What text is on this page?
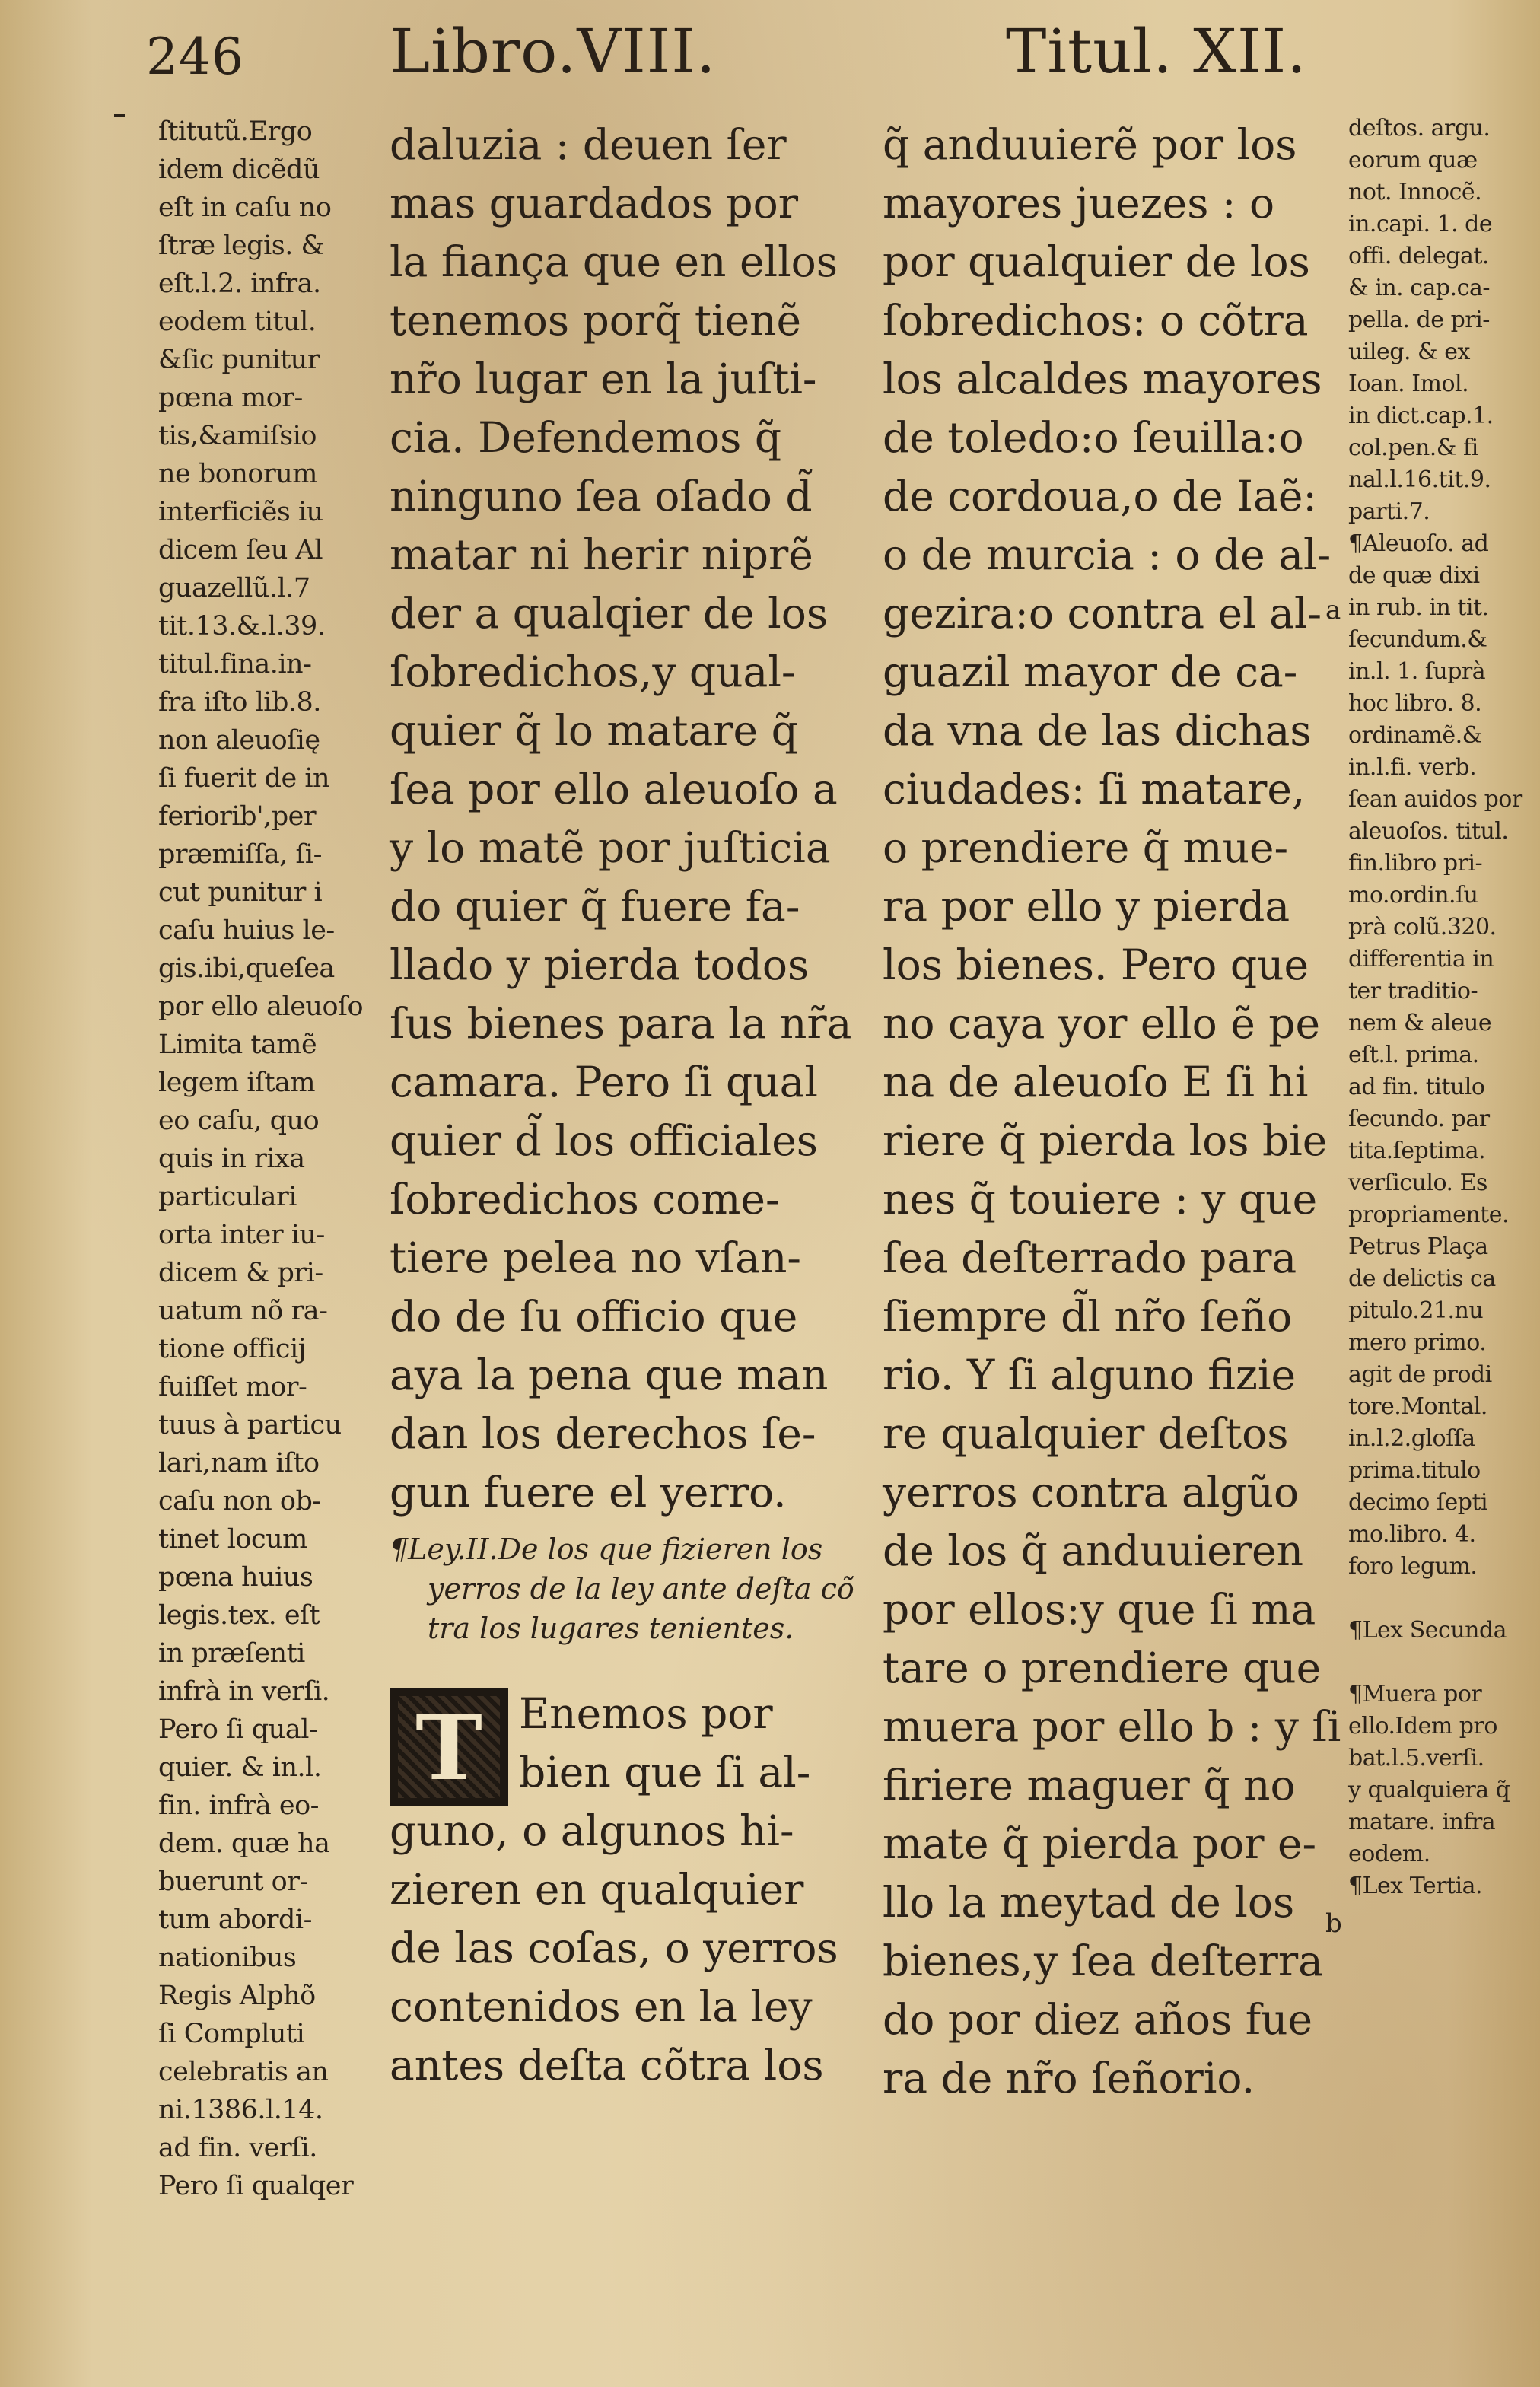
246 Libro.VIII.	Titul. XII.
ſtitutũ.Ergo
idem dicẽdũ
eſt in caſu no
ſtræ legis. &
eſt.l.2. infra.
eodem titul.
&ſic punitur
pœna mor-
tis,&amiſsio
ne bonorum
interficiẽs iu
dicem ſeu Al
guazellũ.l.7
tit.13.&.l.39.
titul.fina.in-
fra iſto lib.8.
non aleuoſię
ſi fuerit de in
feriorib',per
præmiſſa, ſi-
cut punitur i
caſu huius le-
gis.ibi,queſea
por ello aleuoſo
Limita tamẽ
legem iſtam
eo caſu, quo
quis in rixa
particulari
orta inter iu-
dicem & pri-
uatum nõ ra-
tione officij
fuiſſet mor-
tuus à particu
lari,nam iſto
caſu non ob-
tinet locum
pœna huius
legis.tex. eſt
in præſenti
infrà in verſi.
Pero ſi qual-
quier. & in.l.
fin. infrà eo-
dem. quæ ha
buerunt or-
tum abordi-
nationibus
Regis Alphõ
ſi Compluti
celebratis an
ni.1386.l.14.
ad fin. verſi.
Pero ſi qualqer
daluzia : deuen ſer
mas guardados por
la fiança que en ellos
tenemos porq̃ tienẽ
nr̃o lugar en la juſti-
cia. Defendemos q̃
ninguno ſea oſado d̃
matar ni herir niprẽ
der a qualqier de los
ſobredichos,y qual-
quier q̃ lo matare q̃
ſea por ello aleuoſo a
y lo matẽ por juſticia
do quier q̃ fuere fa-
llado y pierda todos
ſus bienes para la nr̃a
camara. Pero ſi qual
quier d̃ los officiales
ſobredichos come-
tiere pelea no vſan-
do de ſu officio que
aya la pena que man
dan los derechos ſe-
gun fuere el yerro.
¶Ley.II.De los que fizieren los
yerros de la ley ante deſta cõ
tra los lugares tenientes.
T Enemos por
bien que ſi al-
guno, o algunos hi-
zieren en qualquier
de las coſas, o yerros
contenidos en la ley
antes deſta cõtra los
q̃ anduuierẽ por los
mayores juezes : o
por qualquier de los
ſobredichos: o cõtra
los alcaldes mayores
de toledo:o ſeuilla:o
de cordoua,o de Iaẽ:
o de murcia : o de al-
gezira:o contra el al-
guazil mayor de ca-
da vna de las dichas
ciudades: ſi matare,
o prendiere q̃ mue-
ra por ello y pierda
los bienes. Pero que
no caya yor ello ẽ pe
na de aleuoſo E ſi hi
riere q̃ pierda los bie
nes q̃ touiere : y que
ſea deſterrado para
ſiempre d̃l nr̃o ſeño
rio. Y ſi alguno fizie
re qualquier deſtos
yerros contra algũo
de los q̃ anduuieren
por ellos:y que ſi ma
tare o prendiere que
muera por ello b : y ſi
firiere maguer q̃ no
mate q̃ pierda por e-
llo la meytad de los
bienes,y ſea deſterra
do por diez años fue
ra de nr̃o ſeñorio.
a
b
deſtos. argu.
eorum quæ
not. Innocẽ.
in.capi. 1. de
offi. delegat.
& in. cap.ca-
pella. de pri-
uileg. & ex
Ioan. Imol.
in dict.cap.1.
col.pen.& fi
nal.l.16.tit.9.
parti.7.
¶Aleuoſo. ad
de quæ dixi
in rub. in tit.
ſecundum.&
in.l. 1. ſuprà
hoc libro. 8.
ordinamẽ.&
in.l.fi. verb.
ſean auidos por
aleuoſos. titul.
fin.libro pri-
mo.ordin.ſu
prà colũ.320.
differentia in
ter traditio-
nem & aleue
eſt.l. prima.
ad fin. titulo
ſecundo. par
tita.ſeptima.
verſiculo. Es
propriamente.
Petrus Plaça
de delictis ca
pitulo.21.nu
mero primo.
agit de prodi
tore.Montal.
in.l.2.gloſſa
prima.titulo
decimo ſepti
mo.libro. 4.
foro legum.

¶Lex Secunda

¶Muera por
ello.Idem pro
bat.l.5.verſi.
y qualquiera q̃
matare. infra
eodem.
¶Lex Tertia.
